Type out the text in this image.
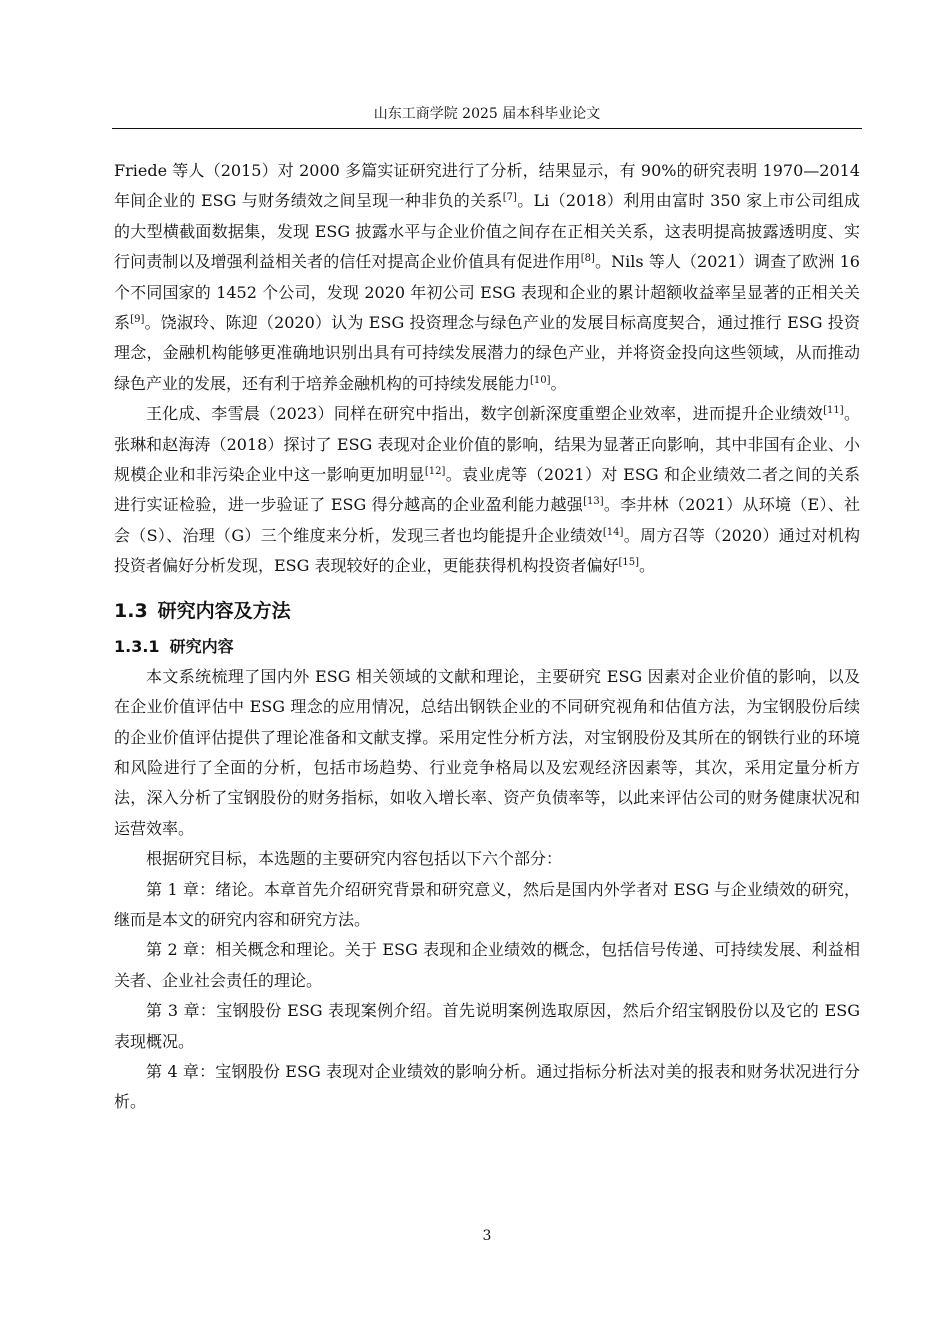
山东工商学院 2025 届本科毕业论文

Friede 等人（2015）对 2000 多篇实证研究进行了分析，结果显示，有 90%的研究表明 1970—2014 年间企业的 ESG 与财务绩效之间呈现一种非负的关系[7]。Li（2018）利用由富时 350 家上市公司组成的大型横截面数据集，发现 ESG 披露水平与企业价值之间存在正相关关系，这表明提高披露透明度、实行问责制以及增强利益相关者的信任对提高企业价值具有促进作用[8]。Nils 等人（2021）调查了欧洲 16 个不同国家的 1452 个公司，发现 2020 年初公司 ESG 表现和企业的累计超额收益率呈显著的正相关关系[9]。饶淑玲、陈迎（2020）认为 ESG 投资理念与绿色产业的发展目标高度契合，通过推行 ESG 投资理念，金融机构能够更准确地识别出具有可持续发展潜力的绿色产业，并将资金投向这些领域，从而推动绿色产业的发展，还有利于培养金融机构的可持续发展能力[10]。

王化成、李雪晨（2023）同样在研究中指出，数字创新深度重塑企业效率，进而提升企业绩效[11]。张琳和赵海涛（2018）探讨了 ESG 表现对企业价值的影响，结果为显著正向影响，其中非国有企业、小规模企业和非污染企业中这一影响更加明显[12]。袁业虎等（2021）对 ESG 和企业绩效二者之间的关系进行实证检验，进一步验证了 ESG 得分越高的企业盈利能力越强[13]。李井林（2021）从环境（E）、社会（S）、治理（G）三个维度来分析，发现三者也均能提升企业绩效[14]。周方召等（2020）通过对机构投资者偏好分析发现，ESG 表现较好的企业，更能获得机构投资者偏好[15]。

1.3 研究内容及方法
1.3.1 研究内容

本文系统梳理了国内外 ESG 相关领域的文献和理论，主要研究 ESG 因素对企业价值的影响，以及在企业价值评估中 ESG 理念的应用情况，总结出钢铁企业的不同研究视角和估值方法，为宝钢股份后续的企业价值评估提供了理论准备和文献支撑。采用定性分析方法，对宝钢股份及其所在的钢铁行业的环境和风险进行了全面的分析，包括市场趋势、行业竞争格局以及宏观经济因素等，其次，采用定量分析方法，深入分析了宝钢股份的财务指标，如收入增长率、资产负债率等，以此来评估公司的财务健康状况和运营效率。

根据研究目标，本选题的主要研究内容包括以下六个部分：

第 1 章：绪论。本章首先介绍研究背景和研究意义，然后是国内外学者对 ESG 与企业绩效的研究，继而是本文的研究内容和研究方法。

第 2 章：相关概念和理论。关于 ESG 表现和企业绩效的概念，包括信号传递、可持续发展、利益相关者、企业社会责任的理论。

第 3 章：宝钢股份 ESG 表现案例介绍。首先说明案例选取原因，然后介绍宝钢股份以及它的 ESG 表现概况。

第 4 章：宝钢股份 ESG 表现对企业绩效的影响分析。通过指标分析法对美的报表和财务状况进行分析。

3
